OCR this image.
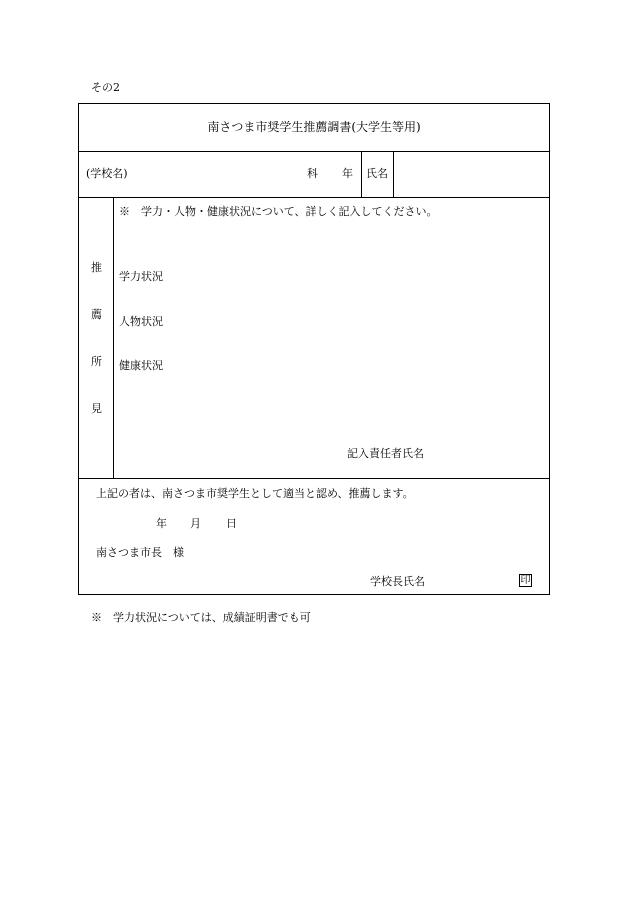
その2
南さつま市奨学生推薦調書(大学生等用)
(学校名)	科 年 氏名
推
薦
所
見
※　学力・人物・健康状況について、詳しく記入してください。
学力状況
人物状況
健康状況
記入責任者氏名
上記の者は、南さつま市奨学生として適当と認め、推薦します。
年 月 日
南さつま市長　様
学校長氏名	印
※　学力状況については、成績証明書でも可
